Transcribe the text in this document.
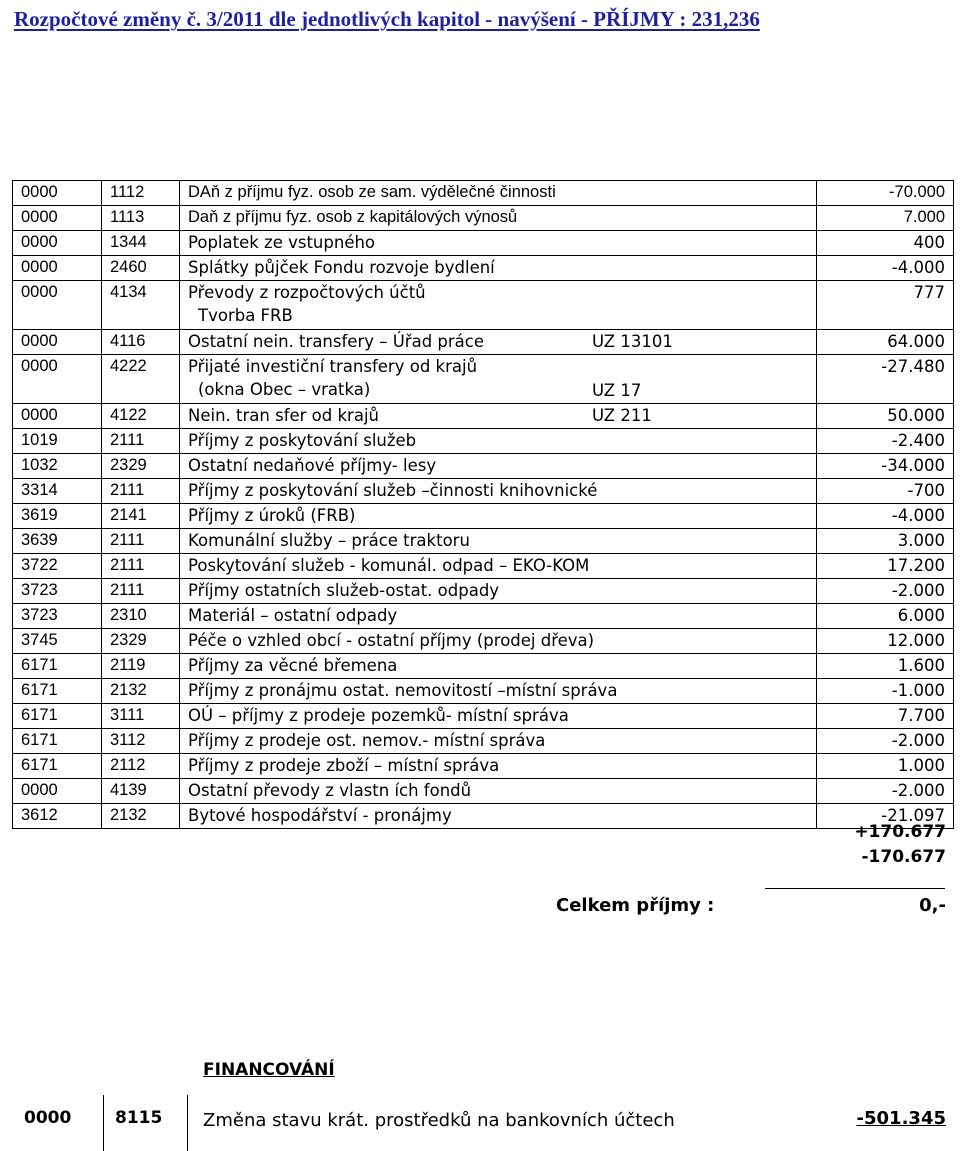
Rozpočtové změny č. 3/2011 dle jednotlivých kapitol - navýšení - PŘÍJMY : 231,236
0000	1112	DAň z příjmu fyz. osob ze sam. výdělečné činnosti	-70.000
0000	1113	Daň z příjmu fyz. osob z kapitálových výnosů	7.000
0000	1344	Poplatek ze vstupného	400
0000	2460	Splátky půjček Fondu rozvoje bydlení	-4.000
0000	4134	Převody z rozpočtových účtů
Tvorba FRB	777
0000	4116	Ostatní nein. transfery – Úřad práce UZ 13101	64.000
0000	4222	Přijaté investiční transfery od krajů
(okna Obec – vratka) UZ 17	-27.480
0000	4122	Nein. tran sfer od krajů UZ 211	50.000
1019	2111	Příjmy z poskytování služeb	-2.400
1032	2329	Ostatní nedaňové příjmy- lesy	-34.000
3314	2111	Příjmy z poskytování služeb –činnosti knihovnické	-700
3619	2141	Příjmy z úroků (FRB)	-4.000
3639	2111	Komunální služby – práce traktoru	3.000
3722	2111	Poskytování služeb - komunál. odpad – EKO-KOM	17.200
3723	2111	Příjmy ostatních služeb-ostat. odpady	-2.000
3723	2310	Materiál – ostatní odpady	6.000
3745	2329	Péče o vzhled obcí - ostatní příjmy (prodej dřeva)	12.000
6171	2119	Příjmy za věcné břemena	1.600
6171	2132	Příjmy z pronájmu ostat. nemovitostí –místní správa	-1.000
6171	3111	OÚ – příjmy z prodeje pozemků- místní správa	7.700
6171	3112	Příjmy z prodeje ost. nemov.- místní správa	-2.000
6171	2112	Příjmy z prodeje zboží – místní správa	1.000
0000	4139	Ostatní převody z vlastn ích fondů	-2.000
3612	2132	Bytové hospodářství - pronájmy	-21.097
+170.677
-170.677
Celkem příjmy :	0,-
FINANCOVÁNÍ
0000	8115 Změna stavu krát. prostředků na bankovních účtech	-501.345
